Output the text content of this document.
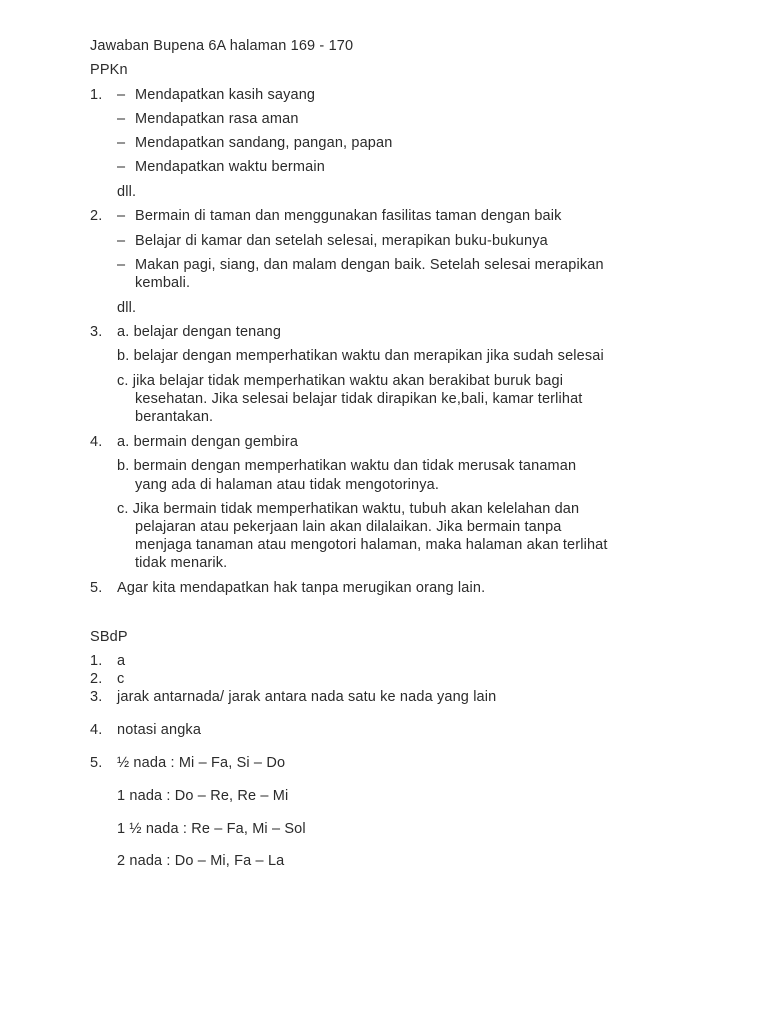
Jawaban Bupena 6A halaman 169 - 170
PPKn
1. – Mendapatkan kasih sayang
– Mendapatkan rasa aman
– Mendapatkan sandang, pangan, papan
– Mendapatkan waktu bermain
dll.
2. – Bermain di taman dan menggunakan fasilitas taman dengan baik
– Belajar di kamar dan setelah selesai, merapikan buku-bukunya
– Makan pagi, siang, dan malam dengan baik. Setelah selesai merapikan
kembali.
dll.
3. a. belajar dengan tenang
b. belajar dengan memperhatikan waktu dan merapikan jika sudah selesai
c. jika belajar tidak memperhatikan waktu akan berakibat buruk bagi
kesehatan. Jika selesai belajar tidak dirapikan ke,bali, kamar terlihat
berantakan.
4. a. bermain dengan gembira
b. bermain dengan memperhatikan waktu dan tidak merusak tanaman
yang ada di halaman atau tidak mengotorinya.
c. Jika bermain tidak memperhatikan waktu, tubuh akan kelelahan dan
pelajaran atau pekerjaan lain akan dilalaikan. Jika bermain tanpa
menjaga tanaman atau mengotori halaman, maka halaman akan terlihat
tidak menarik.
5. Agar kita mendapatkan hak tanpa merugikan orang lain.
SBdP
1. a
2. c
3. jarak antarnada/ jarak antara nada satu ke nada yang lain
4. notasi angka
5. ½ nada : Mi – Fa, Si – Do
1 nada : Do – Re, Re – Mi
1 ½ nada : Re – Fa, Mi – Sol
2 nada : Do – Mi, Fa – La
